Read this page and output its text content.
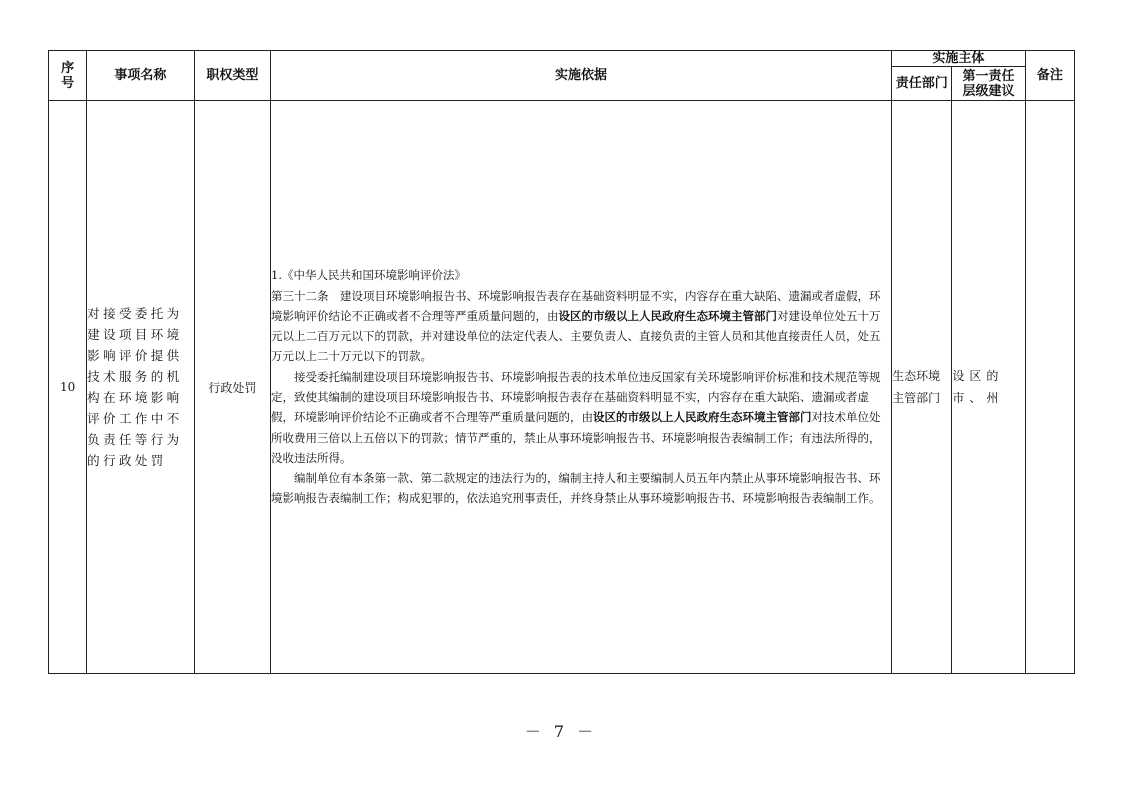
序号	事项名称	职权类型	实施依据	实施主体		备注
				责任部门	第一责任层级建议	
10	对接受委托为建设项目环境影响评价提供技术服务的机构在环境影响评价工作中不负责任等行为的行政处罚	行政处罚	1.《中华人民共和国环境影响评价法》

第三十二条　建设项目环境影响报告书、环境影响报告表存在基础资料明显不实，内容存在重大缺陷、遗漏或者虚假，环境影响评价结论不正确或者不合理等严重质量问题的，由设区的市级以上人民政府生态环境主管部门对建设单位处五十万元以上二百万元以下的罚款，并对建设单位的法定代表人、主要负责人、直接负责的主管人员和其他直接责任人员，处五万元以上二十万元以下的罚款。

接受委托编制建设项目环境影响报告书、环境影响报告表的技术单位违反国家有关环境影响评价标准和技术规范等规定，致使其编制的建设项目环境影响报告书、环境影响报告表存在基础资料明显不实，内容存在重大缺陷、遗漏或者虚假，环境影响评价结论不正确或者不合理等严重质量问题的，由设区的市级以上人民政府生态环境主管部门对技术单位处所收费用三倍以上五倍以下的罚款；情节严重的，禁止从事环境影响报告书、环境影响报告表编制工作；有违法所得的，没收违法所得。

编制单位有本条第一款、第二款规定的违法行为的，编制主持人和主要编制人员五年内禁止从事环境影响报告书、环境影响报告表编制工作；构成犯罪的，依法追究刑事责任，并终身禁止从事环境影响报告书、环境影响报告表编制工作。	生态环境主管部门	设区的市、州	
－ 7 －
